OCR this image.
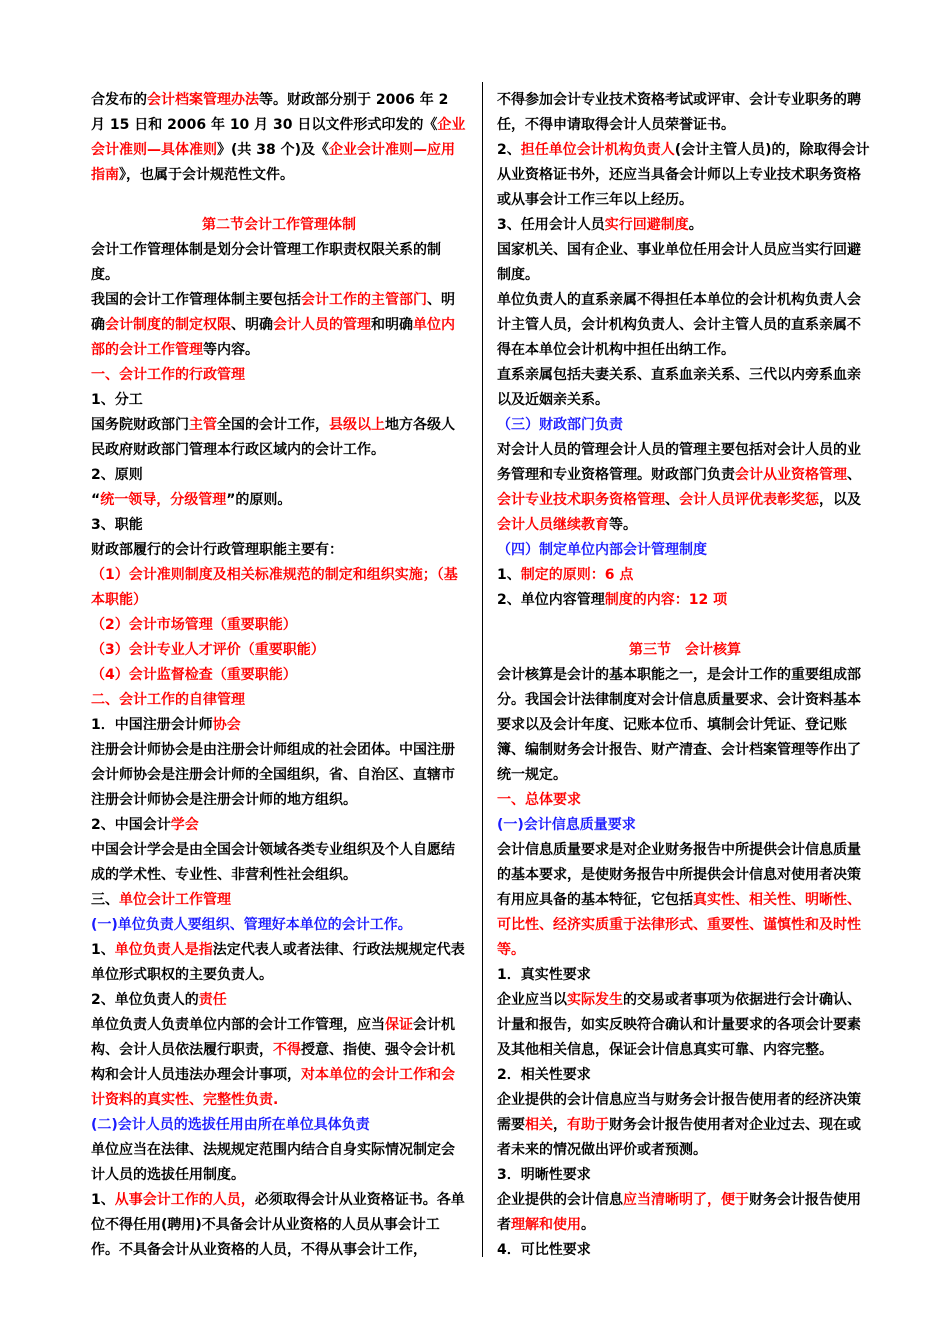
合发布的会计档案管理办法等。财政部分别于 2006 年 2 月 15 日和 2006 年 10 月 30 日以文件形式印发的《企业会计准则—具体准则》(共 38 个)及《企业会计准则—应用指南》，也属于会计规范性文件。

第二节会计工作管理体制

会计工作管理体制是划分会计管理工作职责权限关系的制度。

我国的会计工作管理体制主要包括会计工作的主管部门、明确会计制度的制定权限、明确会计人员的管理和明确单位内部的会计工作管理等内容。

一、会计工作的行政管理

1、分工

国务院财政部门主管全国的会计工作，县级以上地方各级人民政府财政部门管理本行政区域内的会计工作。

2、原则

“统一领导，分级管理”的原则。

3、职能

财政部履行的会计行政管理职能主要有：

（1）会计准则制度及相关标准规范的制定和组织实施；（基本职能）

（2）会计市场管理（重要职能）

（3）会计专业人才评价（重要职能）

（4）会计监督检查（重要职能）

二、会计工作的自律管理

1．中国注册会计师协会

注册会计师协会是由注册会计师组成的社会团体。中国注册会计师协会是注册会计师的全国组织，省、自治区、直辖市注册会计师协会是注册会计师的地方组织。

2、中国会计学会

中国会计学会是由全国会计领域各类专业组织及个人自愿结成的学术性、专业性、非营利性社会组织。

三、单位会计工作管理

(一)单位负责人要组织、管理好本单位的会计工作。

1、单位负责人是指法定代表人或者法律、行政法规规定代表单位形式职权的主要负责人。

2、单位负责人的责任

单位负责人负责单位内部的会计工作管理，应当保证会计机构、会计人员依法履行职责，不得授意、指使、强令会计机构和会计人员违法办理会计事项，对本单位的会计工作和会计资料的真实性、完整性负责.

(二)会计人员的选拔任用由所在单位具体负责

单位应当在法律、法规规定范围内结合自身实际情况制定会计人员的选拔任用制度。

1、从事会计工作的人员，必须取得会计从业资格证书。各单位不得任用(聘用)不具备会计从业资格的人员从事会计工作。不具备会计从业资格的人员，不得从事会计工作，

不得参加会计专业技术资格考试或评审、会计专业职务的聘任，不得申请取得会计人员荣誉证书。

2、担任单位会计机构负责人(会计主管人员)的，除取得会计从业资格证书外，还应当具备会计师以上专业技术职务资格或从事会计工作三年以上经历。

3、任用会计人员实行回避制度。

国家机关、国有企业、事业单位任用会计人员应当实行回避制度。

单位负责人的直系亲属不得担任本单位的会计机构负责人会计主管人员，会计机构负责人、会计主管人员的直系亲属不得在本单位会计机构中担任出纳工作。

直系亲属包括夫妻关系、直系血亲关系、三代以内旁系血亲以及近姻亲关系。

（三）财政部门负责

对会计人员的管理会计人员的管理主要包括对会计人员的业务管理和专业资格管理。财政部门负责会计从业资格管理、会计专业技术职务资格管理、会计人员评优表彰奖惩，以及会计人员继续教育等。

（四）制定单位内部会计管理制度

1、制定的原则：6 点

2、单位内容管理制度的内容：12 项

第三节　会计核算

会计核算是会计的基本职能之一，是会计工作的重要组成部分。我国会计法律制度对会计信息质量要求、会计资料基本要求以及会计年度、记账本位币、填制会计凭证、登记账簿、编制财务会计报告、财产清查、会计档案管理等作出了统一规定。

一、总体要求

(一)会计信息质量要求

会计信息质量要求是对企业财务报告中所提供会计信息质量的基本要求，是使财务报告中所提供会计信息对使用者决策有用应具备的基本特征，它包括真实性、相关性、明晰性、可比性、经济实质重于法律形式、重要性、谨慎性和及时性等。

1．真实性要求

企业应当以实际发生的交易或者事项为依据进行会计确认、计量和报告，如实反映符合确认和计量要求的各项会计要素及其他相关信息，保证会计信息真实可靠、内容完整。

2．相关性要求

企业提供的会计信息应当与财务会计报告使用者的经济决策需要相关，有助于财务会计报告使用者对企业过去、现在或者未来的情况做出评价或者预测。

3．明晰性要求

企业提供的会计信息应当清晰明了，便于财务会计报告使用者理解和使用。

4．可比性要求
